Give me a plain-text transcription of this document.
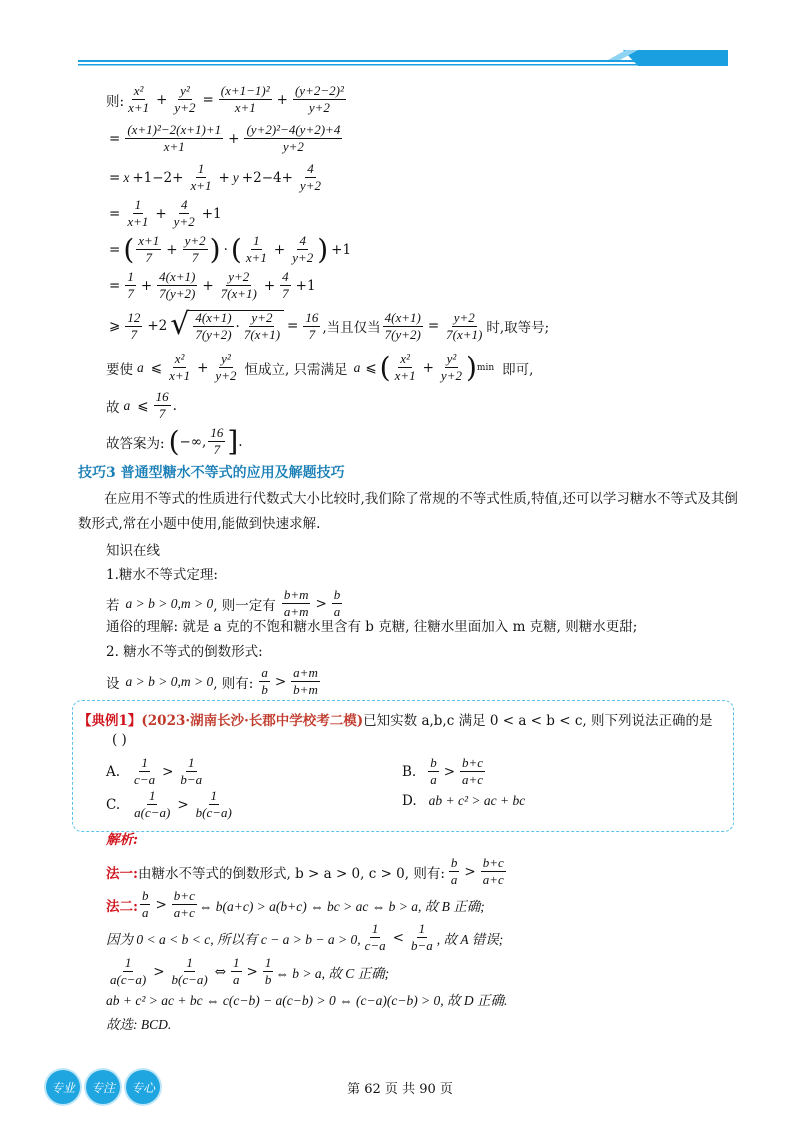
则: $\frac{\text{x²}}{x+1} + \frac{\text{y²}}{y+2} = \frac{\text{(x+1−1)²}}{x+1} + \frac{\text{(y+2−2)²}}{y+2}$
= $\frac{\text{(x+1)²−2(x+1)+1}}{x+1} + \frac{\text{(y+2)²−4(y+2)+4}}{y+2}$
= $x +1-2+ \frac{1}{x+1} + y +2-4+ \frac{4}{y+2}$
= $\frac{1}{x+1} + \frac{4}{y+2} +1$
= ( $\frac{x+1}{7} + \frac{y+2}{7}$ ) · ( $\frac{1}{x+1} + \frac{4}{y+2}$ ) +1
= $\frac{1}{7} + \frac{4(x+1)}{7(y+2)} + \frac{y+2}{7(x+1)} + \frac{4}{7} +1$
⩾ $\frac{12}{7} +2$ √ $\frac{4(x+1)}{7(y+2)} \cdot \frac{y+2}{7(x+1)} = \frac{16}{7}$ ,当且仅当 $\frac{4(x+1)}{7(y+2)} = \frac{y+2}{7(x+1)}$ 时,取等号;
要使 a ⩽ $\frac{\text{x²}}{x+1} + \frac{\text{y²}}{y+2}$ 恒成立, 只需满足 a ⩽ ( $\frac{\text{x²}}{x+1} + \frac{\text{y²}}{y+2}$ ) min 即可,
故 a ⩽ $\frac{16}{7}$ .
故答案为: ( −∞, $\frac{16}{7}$ ] .
技巧3 普通型糖水不等式的应用及解题技巧
在应用不等式的性质进行代数式大小比较时,我们除了常规的不等式性质,特值,还可以学习糖水不等式及其倒数形式,常在小题中使用,能做到快速求解.
知识在线
1.糖水不等式定理:
若 a > b > 0,m > 0 , 则一定有 $\frac{b+m}{a+m} > \frac{b}{a}$
通俗的理解: 就是 a 克的不饱和糖水里含有 b 克糖, 往糖水里面加入 m 克糖, 则糖水更甜;
2. 糖水不等式的倒数形式:
设 a > b > 0,m > 0 , 则有: $\frac{a}{b} > \frac{a+m}{b+m}$
【典例1】 (2023·湖南长沙·长郡中学校考二模) 已知实数 a,b,c 满足 0 < a < b < c, 则下列说法正确的是
( )
A. $\frac{1}{c-a} > \frac{1}{b-a}$	B. $\frac{b}{a} > \frac{b+c}{a+c}$
C. $\frac{1}{a(c-a)} > \frac{1}{b(c-a)}$	D. ab + c² > ac + bc
解析:
法一: 由糖水不等式的倒数形式, b > a > 0, c > 0, 则有: $\frac{b}{a} > \frac{b+c}{a+c}$
法二: $\frac{b}{a} > \frac{b+c}{a+c}$ ⇔ b(a+c) > a(b+c) ⇔ bc > ac ⇔ b > a, 故 B 正确;
因为 0 < a < b < c, 所以有 c − a > b − a > 0, $\frac{1}{c-a} < \frac{1}{b-a}$ , 故 A 错误;
$\frac{1}{a(c-a)} > \frac{1}{b(c-a)}$ ⇔ $\frac{1}{a} > \frac{1}{b}$ ⇔ b > a, 故 C 正确;
ab + c² > ac + bc ⇔ c(c−b) − a(c−b) > 0 ⇔ (c−a)(c−b) > 0, 故 D 正确.
故选: BCD.
专业	专注	专心	第 62 页 共 90 页
